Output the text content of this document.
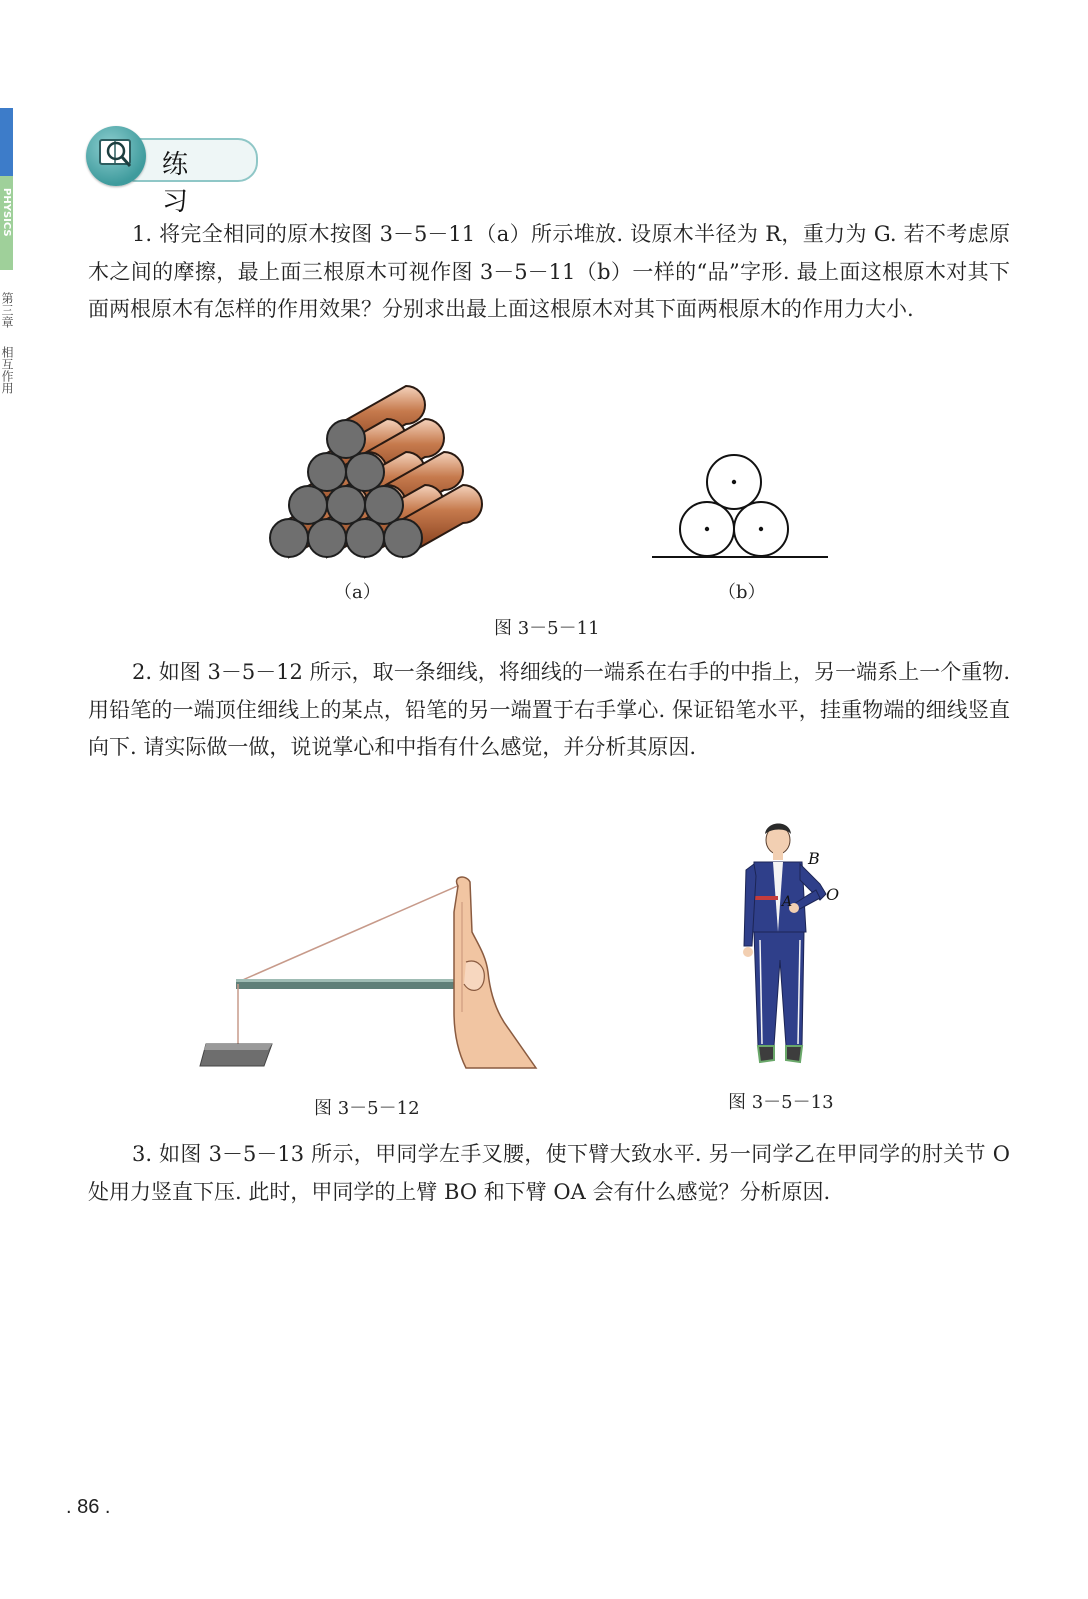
PHYSICS
第三章
相互作用
练 习

1. 将完全相同的原木按图 3－5－11（a）所示堆放. 设原木半径为 R，重力为 G. 若不考虑原木之间的摩擦，最上面三根原木可视作图 3－5－11（b）一样的“品”字形. 最上面这根原木对其下面两根原木有怎样的作用效果？分别求出最上面这根原木对其下面两根原木的作用力大小.

（a）	（b）
图 3－5－11

2. 如图 3－5－12 所示，取一条细线，将细线的一端系在右手的中指上，另一端系上一个重物. 用铅笔的一端顶住细线上的某点，铅笔的另一端置于右手掌心. 保证铅笔水平，挂重物端的细线竖直向下. 请实际做一做，说说掌心和中指有什么感觉，并分析其原因.

图 3－5－12
B
O
A
图 3－5－13

3. 如图 3－5－13 所示，甲同学左手叉腰，使下臂大致水平. 另一同学乙在甲同学的肘关节 O 处用力竖直下压. 此时，甲同学的上臂 BO 和下臂 OA 会有什么感觉？分析原因.

. 86 .
